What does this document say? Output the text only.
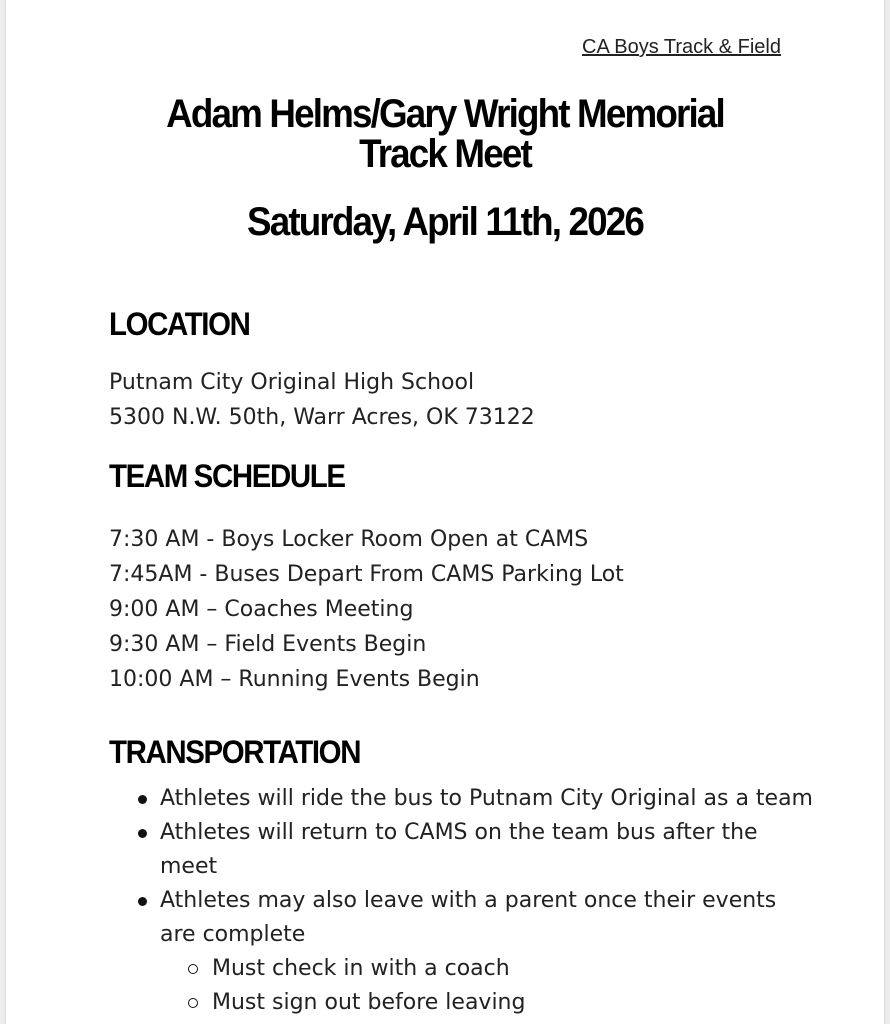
CA Boys Track & Field
Adam Helms/Gary Wright Memorial
Track Meet
Saturday, April 11th, 2026
LOCATION
Putnam City Original High School
5300 N.W. 50th, Warr Acres, OK 73122
TEAM SCHEDULE
7:30 AM - Boys Locker Room Open at CAMS
7:45AM - Buses Depart From CAMS Parking Lot
9:00 AM – Coaches Meeting
9:30 AM – Field Events Begin
10:00 AM – Running Events Begin
TRANSPORTATION
Athletes will ride the bus to Putnam City Original as a team
Athletes will return to CAMS on the team bus after the meet
Athletes may also leave with a parent once their events are complete
Must check in with a coach
Must sign out before leaving
